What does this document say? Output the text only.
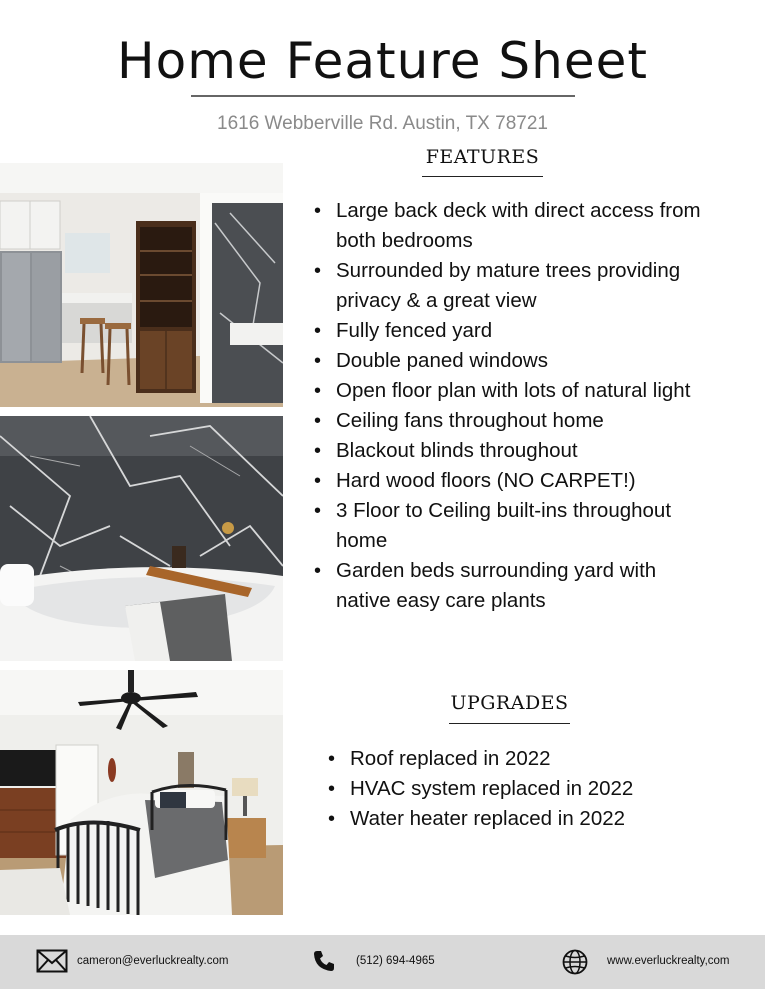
Home Feature Sheet
1616 Webberville Rd. Austin, TX 78721
FEATURES
• Large back deck with direct access from both bedrooms
• Surrounded by mature trees providing privacy & a great view
• Fully fenced yard
• Double paned windows
• Open floor plan with lots of natural light
• Ceiling fans throughout home
• Blackout blinds throughout
• Hard wood floors (NO CARPET!)
• 3 Floor to Ceiling built-ins throughout home
• Garden beds surrounding yard with native easy care plants
UPGRADES
• Roof replaced in 2022
• HVAC system replaced in 2022
• Water heater replaced in 2022
cameron@everluckrealty.com	(512) 694-4965	www.everluckrealty,com
